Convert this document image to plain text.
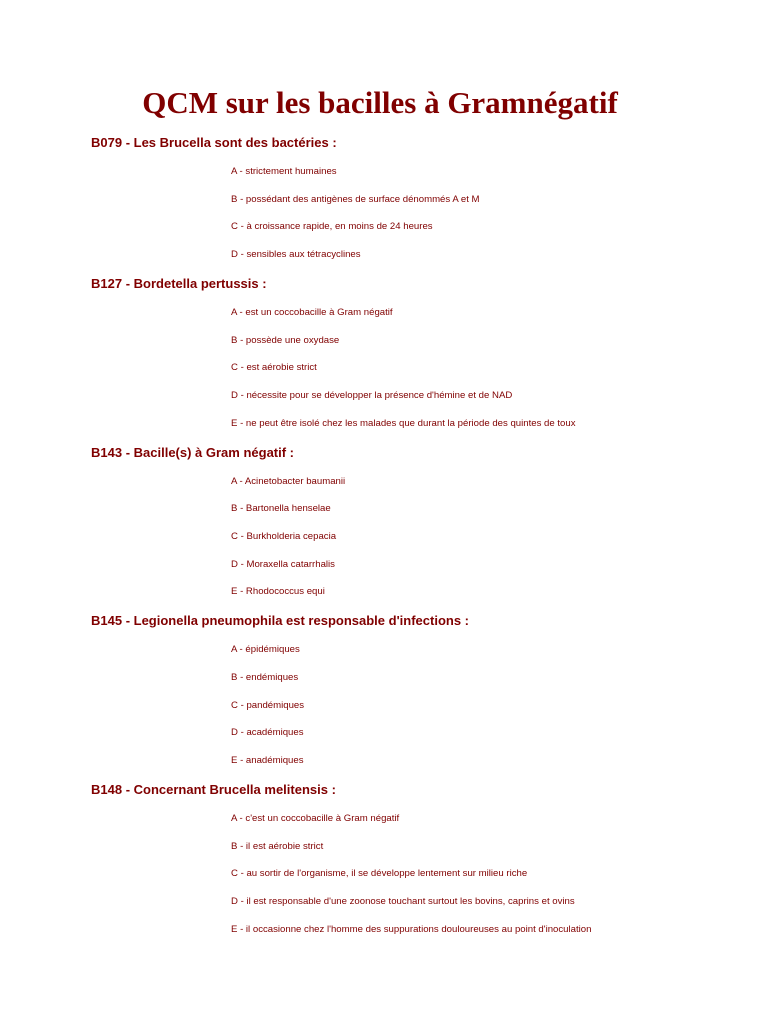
QCM sur les bacilles à Gramnégatif
B079 - Les Brucella sont des bactéries :
A - strictement humaines
B - possédant des antigènes de surface dénommés A et M
C - à croissance rapide, en moins de 24 heures
D - sensibles aux tétracyclines
B127 - Bordetella pertussis :
A - est un coccobacille à Gram négatif
B - possède une oxydase
C - est aérobie strict
D - nécessite pour se développer la présence d'hémine et de NAD
E - ne peut être isolé chez les malades que durant la période des quintes de toux
B143 - Bacille(s) à Gram négatif :
A - Acinetobacter baumanii
B - Bartonella henselae
C - Burkholderia cepacia
D - Moraxella catarrhalis
E - Rhodococcus equi
B145 - Legionella pneumophila est responsable d'infections :
A - épidémiques
B - endémiques
C - pandémiques
D - académiques
E - anadémiques
B148 - Concernant Brucella melitensis :
A - c'est un coccobacille à Gram négatif
B - il est aérobie strict
C - au sortir de l'organisme, il se développe lentement sur milieu riche
D - il est responsable d'une zoonose touchant surtout les bovins, caprins et ovins
E - il occasionne chez l'homme des suppurations douloureuses au point d'inoculation
